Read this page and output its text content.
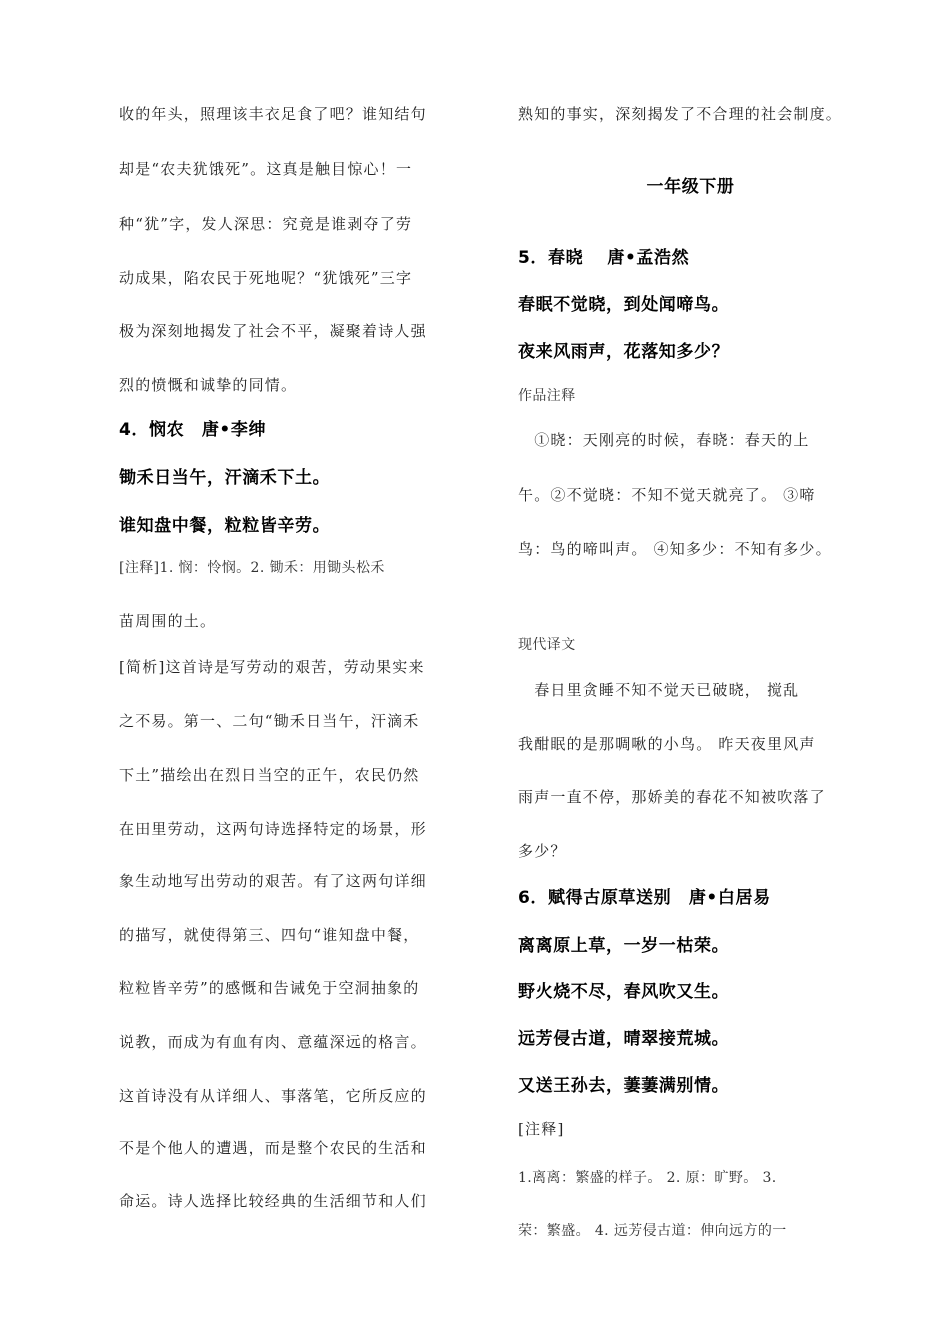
收的年头，照理该丰衣足食了吧？谁知结句
却是“农夫犹饿死”。这真是触目惊心！一
种“犹”字，发人深思：究竟是谁剥夺了劳
动成果，陷农民于死地呢？“犹饿死”三字
极为深刻地揭发了社会不平，凝聚着诗人强
烈的愤慨和诚挚的同情。
4．悯农　唐•李绅
锄禾日当午，汗滴禾下土。
谁知盘中餐，粒粒皆辛劳。
[注释]1. 悯：怜悯。2. 锄禾：用锄头松禾
苗周围的土。
[简析]这首诗是写劳动的艰苦，劳动果实来
之不易。第一、二句“锄禾日当午，汗滴禾
下土”描绘出在烈日当空的正午，农民仍然
在田里劳动，这两句诗选择特定的场景，形
象生动地写出劳动的艰苦。有了这两句详细
的描写，就使得第三、四句“谁知盘中餐，
粒粒皆辛劳”的感慨和告诫免于空洞抽象的
说教，而成为有血有肉、意蕴深远的格言。
这首诗没有从详细人、事落笔，它所反应的
不是个他人的遭遇，而是整个农民的生活和
命运。诗人选择比较经典的生活细节和人们
熟知的事实，深刻揭发了不合理的社会制度。
一年级下册
5．春晓　 唐•孟浩然
春眠不觉晓，到处闻啼鸟。
夜来风雨声，花落知多少？
作品注释
　①晓：天刚亮的时候，春晓：春天的上
午。②不觉晓：不知不觉天就亮了。 ③啼
鸟：鸟的啼叫声。 ④知多少：不知有多少。
现代译文
　春日里贪睡不知不觉天已破晓， 搅乱
我酣眠的是那啁啾的小鸟。 昨天夜里风声
雨声一直不停，那娇美的春花不知被吹落了
多少？
6．赋得古原草送别　唐•白居易
离离原上草，一岁一枯荣。
野火烧不尽，春风吹又生。
远芳侵古道，晴翠接荒城。
又送王孙去，萋萋满别情。
[注释]
1.离离：繁盛的样子。 2. 原：旷野。 3.
荣：繁盛。 4. 远芳侵古道：伸向远方的一
